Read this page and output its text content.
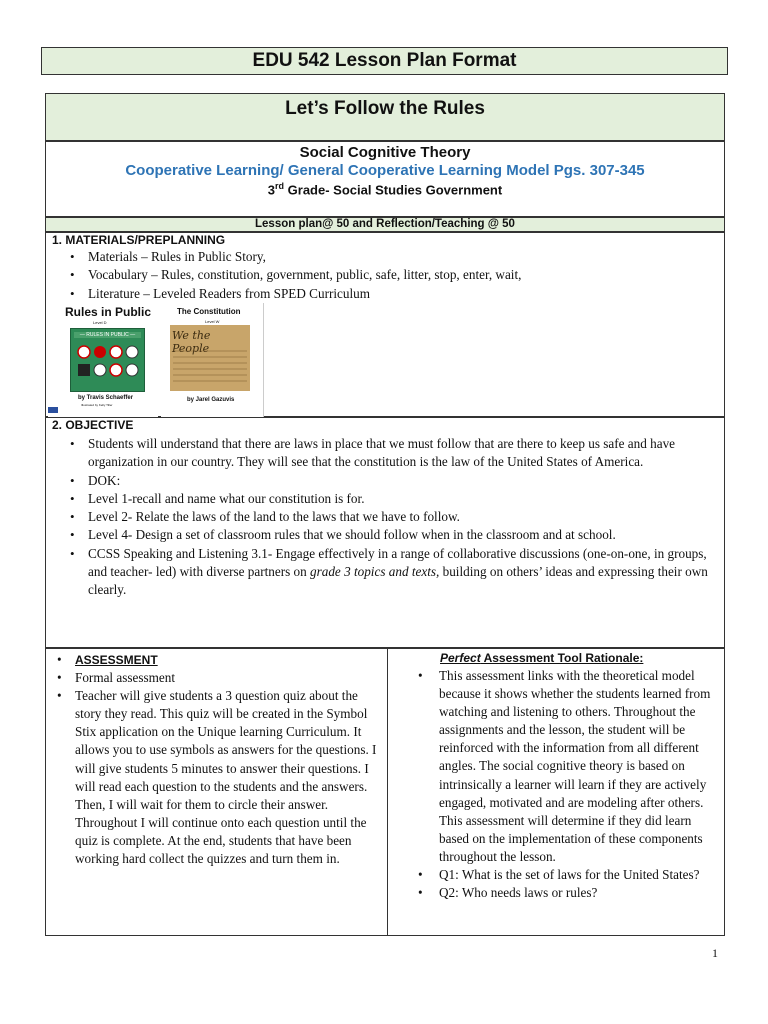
EDU 542 Lesson Plan Format
Let’s Follow the Rules
Social Cognitive Theory
Cooperative Learning/ General Cooperative Learning Model Pgs. 307-345
3rd Grade- Social Studies Government
Lesson plan@ 50 and Reflection/Teaching @ 50
1. MATERIALS/PREPLANNING
• Materials – Rules in Public Story,
• Vocabulary – Rules, constitution, government, public, safe, litter, stop, enter, wait,
• Literature – Leveled Readers from SPED Curriculum
Rules in Public
Level D
— RULES IN PUBLIC —
by Travis Schaeffer
Illustrated by Kelly Tiller
The Constitution
Level W
We the People
by Jarel Gazuvis
2. OBJECTIVE
• Students will understand that there are laws in place that we must follow that are there to keep us safe and have organization in our country. They will see that the constitution is the law of the United States of America.
• DOK:
• Level 1-recall and name what our constitution is for.
• Level 2- Relate the laws of the land to the laws that we have to follow.
• Level 4- Design a set of classroom rules that we should follow when in the classroom and at school.
• CCSS Speaking and Listening 3.1- Engage effectively in a range of collaborative discussions (one-on-one, in groups, and teacher- led) with diverse partners on grade 3 topics and texts, building on others’ ideas and expressing their own clearly.
• ASSESSMENT
• Formal assessment
• Teacher will give students a 3 question quiz about the story they read. This quiz will be created in the Symbol Stix application on the Unique learning Curriculum. It allows you to use symbols as answers for the questions. I will give students 5 minutes to answer their questions. I will read each question to the students and the answers. Then, I will wait for them to circle their answer. Throughout I will continue onto each question until the quiz is complete. At the end, students that have been working hard collect the quizzes and turn them in.
Perfect Assessment Tool Rationale:
• This assessment links with the theoretical model because it shows whether the students learned from watching and listening to others. Throughout the assignments and the lesson, the student will be reinforced with the information from all different angles. The social cognitive theory is based on intrinsically a learner will learn if they are actively engaged, motivated and are modeling after others. This assessment will determine if they did learn based on the implementation of these components throughout the lesson.
• Q1: What is the set of laws for the United States?
• Q2: Who needs laws or rules?
1
